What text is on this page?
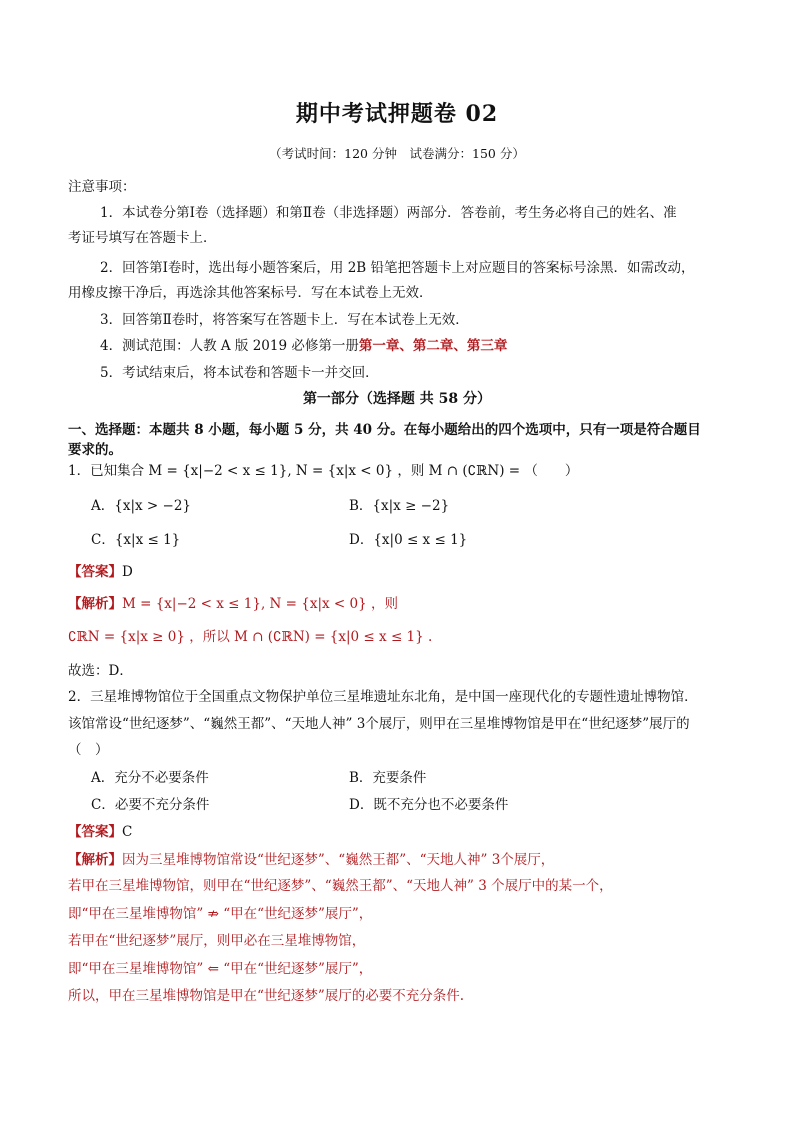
期中考试押题卷 02
（考试时间：120 分钟　试卷满分：150 分）
注意事项：
1．本试卷分第Ⅰ卷（选择题）和第Ⅱ卷（非选择题）两部分．答卷前，考生务必将自己的姓名、准
考证号填写在答题卡上．
2．回答第Ⅰ卷时，选出每小题答案后，用 2B 铅笔把答题卡上对应题目的答案标号涂黑．如需改动，
用橡皮擦干净后，再选涂其他答案标号．写在本试卷上无效．
3．回答第Ⅱ卷时，将答案写在答题卡上．写在本试卷上无效．
4．测试范围：人教 A 版 2019 必修第一册第一章、第二章、第三章
5．考试结束后，将本试卷和答题卡一并交回．
第一部分（选择题 共 58 分）
一、选择题：本题共 8 小题，每小题 5 分，共 40 分。在每小题给出的四个选项中，只有一项是符合题目
要求的。
1．已知集合 M = {x|−2 < x ≤ 1}, N = {x|x < 0} ，则 M ∩ (∁ℝN) = （　　）
A．{x|x > −2}	B．{x|x ≥ −2}
C．{x|x ≤ 1}	D．{x|0 ≤ x ≤ 1}
【答案】D
【解析】M = {x|−2 < x ≤ 1}, N = {x|x < 0} ，则
∁ℝN = {x|x ≥ 0} ，所以 M ∩ (∁ℝN) = {x|0 ≤ x ≤ 1} .
故选：D．
2．三星堆博物馆位于全国重点文物保护单位三星堆遗址东北角，是中国一座现代化的专题性遗址博物馆．
该馆常设“世纪逐梦”、“巍然王都”、“天地人神” 3个展厅，则甲在三星堆博物馆是甲在“世纪逐梦”展厅的
（　）
A．充分不必要条件	B．充要条件
C．必要不充分条件	D．既不充分也不必要条件
【答案】C
【解析】因为三星堆博物馆常设“世纪逐梦”、“巍然王都”、“天地人神” 3个展厅，
若甲在三星堆博物馆，则甲在“世纪逐梦”、“巍然王都”、“天地人神” 3 个展厅中的某一个，
即“甲在三星堆博物馆” ⇏ “甲在“世纪逐梦”展厅”，
若甲在“世纪逐梦”展厅，则甲必在三星堆博物馆，
即“甲在三星堆博物馆” ⇐ “甲在“世纪逐梦”展厅”，
所以，甲在三星堆博物馆是甲在“世纪逐梦”展厅的必要不充分条件.
